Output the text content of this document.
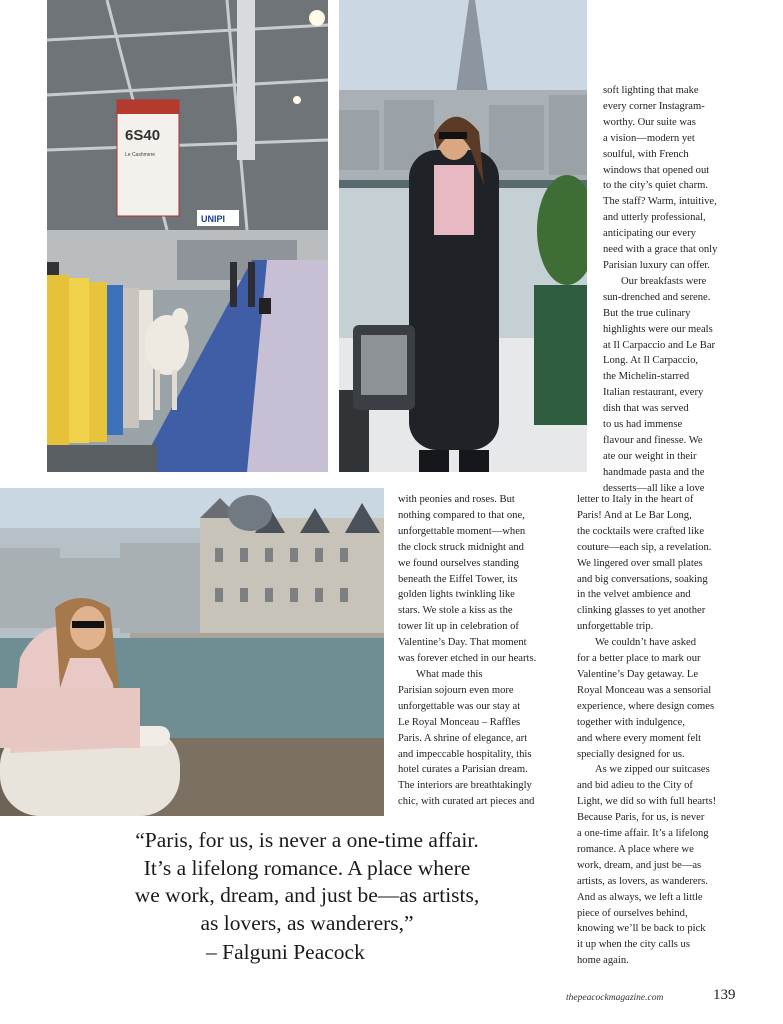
6S40
Le Cashmere
UNIPI
soft lighting that make
every corner Instagram-
worthy. Our suite was
a vision—modern yet
soulful, with French
windows that opened out
to the city’s quiet charm.
The staff? Warm, intuitive,
and utterly professional,
anticipating our every
need with a grace that only
Parisian luxury can offer.
Our breakfasts were
sun-drenched and serene.
But the true culinary
highlights were our meals
at Il Carpaccio and Le Bar
Long. At Il Carpaccio,
the Michelin-starred
Italian restaurant, every
dish that was served
to us had immense
flavour and finesse. We
ate our weight in their
handmade pasta and the
desserts—all like a love
with peonies and roses. But
nothing compared to that one,
unforgettable moment—when
the clock struck midnight and
we found ourselves standing
beneath the Eiffel Tower, its
golden lights twinkling like
stars. We stole a kiss as the
tower lit up in celebration of
Valentine’s Day. That moment
was forever etched in our hearts.
What made this
Parisian sojourn even more
unforgettable was our stay at
Le Royal Monceau – Raffles
Paris. A shrine of elegance, art
and impeccable hospitality, this
hotel curates a Parisian dream.
The interiors are breathtakingly
chic, with curated art pieces and
letter to Italy in the heart of
Paris! And at Le Bar Long,
the cocktails were crafted like
couture—each sip, a revelation.
We lingered over small plates
and big conversations, soaking
in the velvet ambience and
clinking glasses to yet another
unforgettable trip.
We couldn’t have asked
for a better place to mark our
Valentine’s Day getaway. Le
Royal Monceau was a sensorial
experience, where design comes
together with indulgence,
and where every moment felt
specially designed for us.
As we zipped our suitcases
and bid adieu to the City of
Light, we did so with full hearts!
Because Paris, for us, is never
a one-time affair. It’s a lifelong
romance. A place where we
work, dream, and just be—as
artists, as lovers, as wanderers.
And as always, we left a little
piece of ourselves behind,
knowing we’ll be back to pick
it up when the city calls us
home again.
“Paris, for us, is never a one-time affair.
It’s a lifelong romance. A place where
we work, dream, and just be—as artists,
as lovers, as wanderers,”
– Falguni Peacock
thepeacockmagazine.com	139
